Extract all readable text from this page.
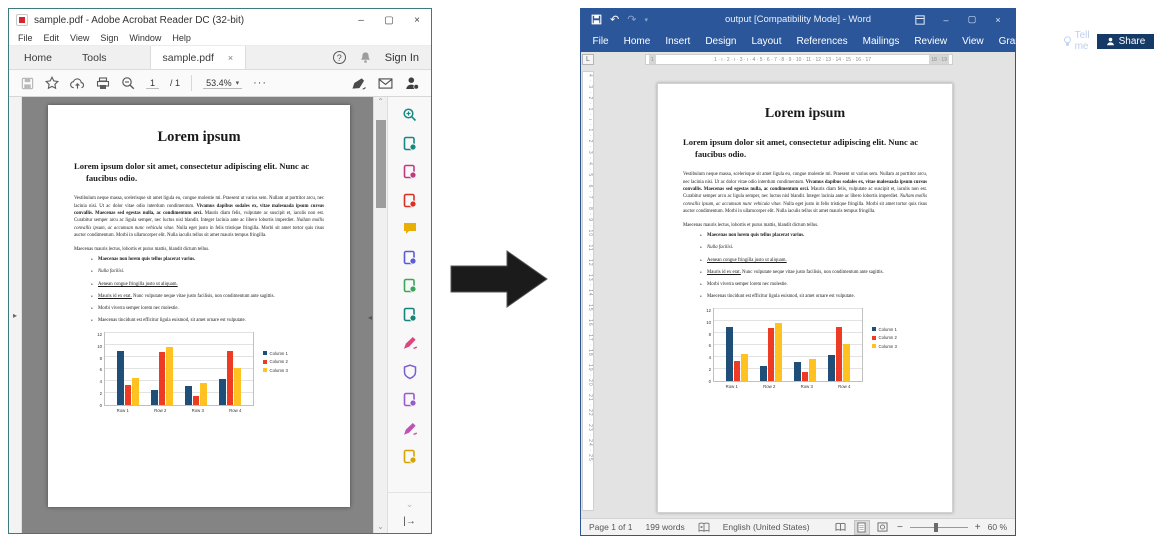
sample.pdf - Adobe Acrobat Reader DC (32-bit)	–	▢	×
File Edit View Sign Window Help
Home	Tools	sample.pdf ×	?	Sign In
1	/ 1	53.4% ▾ ···
▸
Lorem ipsum
Lorem ipsum dolor sit amet, consectetur adipiscing elit. Nunc ac faucibus odio.

Vestibulum neque massa, scelerisque sit amet ligula eu, congue molestie mi. Praesent ut varius sem. Nullam at porttitor arcu, nec lacinia nisi. Ut ac dolor vitae odio interdum condimentum. Vivamus dapibus sodales ex, vitae malesuada ipsum cursus convallis. Maecenas sed egestas nulla, ac condimentum orci. Mauris diam felis, vulputate ac suscipit et, iaculis non est. Curabitur semper arcu ac ligula semper, nec luctus nisl blandit. Integer lacinia ante ac libero lobortis imperdiet. Nullam mollis convallis ipsum, ac accumsan nunc vehicula vitae. Nulla eget justo in felis tristique fringilla. Morbi sit amet tortor quis risus auctor condimentum. Morbi in ullamcorper elit. Nulla iaculis tellus sit amet mauris tempus fringilla.

Maecenas mauris lectus, lobortis et purus mattis, blandit dictum tellus.

• Maecenas non lorem quis tellus placerat varius.
• Nulla facilisi.
• Aenean congue fringilla justo ut aliquam.
• Mauris id ex erat. Nunc vulputate neque vitae justo facilisis, non condimentum ante sagittis.
• Morbi viverra semper lorem nec molestie.
• Maecenas tincidunt est efficitur ligula euismod, sit amet ornare est vulputate.
12
10
8
6
4
2
0
Row 1	Row 2	Row 3	Row 4
Column 1
Column 2
Column 3
⌃
⌄
◂
⌄
|→
output [Compatibility Mode] - Word
↶ ↷ ▾	–	▢	×
File	Home	Insert	Design	Layout	References	Mailings	Review	View	Grammarly	Tell me	Share
L	1	1 · ι · 2 · ι · 3 · ι · 4 · 5 · 6 · 7 · 8 · 9 · 10 · 11 · 12 · 13 · 14 · 15 · 16 · 17	18 · 19
4 · 3 · 2 · 1 · ι · 1 · 2 · 3 · 4 · 5 · 6 · 7 · 8 · 9 · 10 · 11 · 12 · 13 · 14 · 15 · 16 · 17 · 18 · 19 · 20 · 21 · 22 · 23 · 24 · 25	Lorem ipsum
Lorem ipsum dolor sit amet, consectetur adipiscing elit. Nunc ac faucibus odio.

Vestibulum neque massa, scelerisque sit amet ligula eu, congue molestie mi. Praesent ut varius sem. Nullam at porttitor arcu, nec lacinia nisi. Ut ac dolor vitae odio interdum condimentum. Vivamus dapibus sodales ex, vitae malesuada ipsum cursus convallis. Maecenas sed egestas nulla, ac condimentum orci. Mauris diam felis, vulputate ac suscipit et, iaculis non est. Curabitur semper arcu ac ligula semper, nec luctus nisl blandit. Integer lacinia ante ac libero lobortis imperdiet. Nullam mollis convallis ipsum, ac accumsan nunc vehicula vitae. Nulla eget justo in felis tristique fringilla. Morbi sit amet tortor quis risus auctor condimentum. Morbi in ullamcorper elit. Nulla iaculis tellus sit amet mauris tempus fringilla.

Maecenas mauris lectus, lobortis et purus mattis, blandit dictum tellus.

• Maecenas non lorem quis tellus placerat varius.
• Nulla facilisi.
• Aenean congue fringilla justo ut aliquam.
• Mauris id ex erat. Nunc vulputate neque vitae justo facilisis, non condimentum ante sagittis.
• Morbi viverra semper lorem nec molestie.
• Maecenas tincidunt est efficitur ligula euismod, sit amet ornare est vulputate.
12
10
8
6
4
2
0
Row 1	Row 2	Row 3	Row 4
Column 1
Column 2
Column 3
Page 1 of 1 199 words	English (United States)	−	+ 60 %
